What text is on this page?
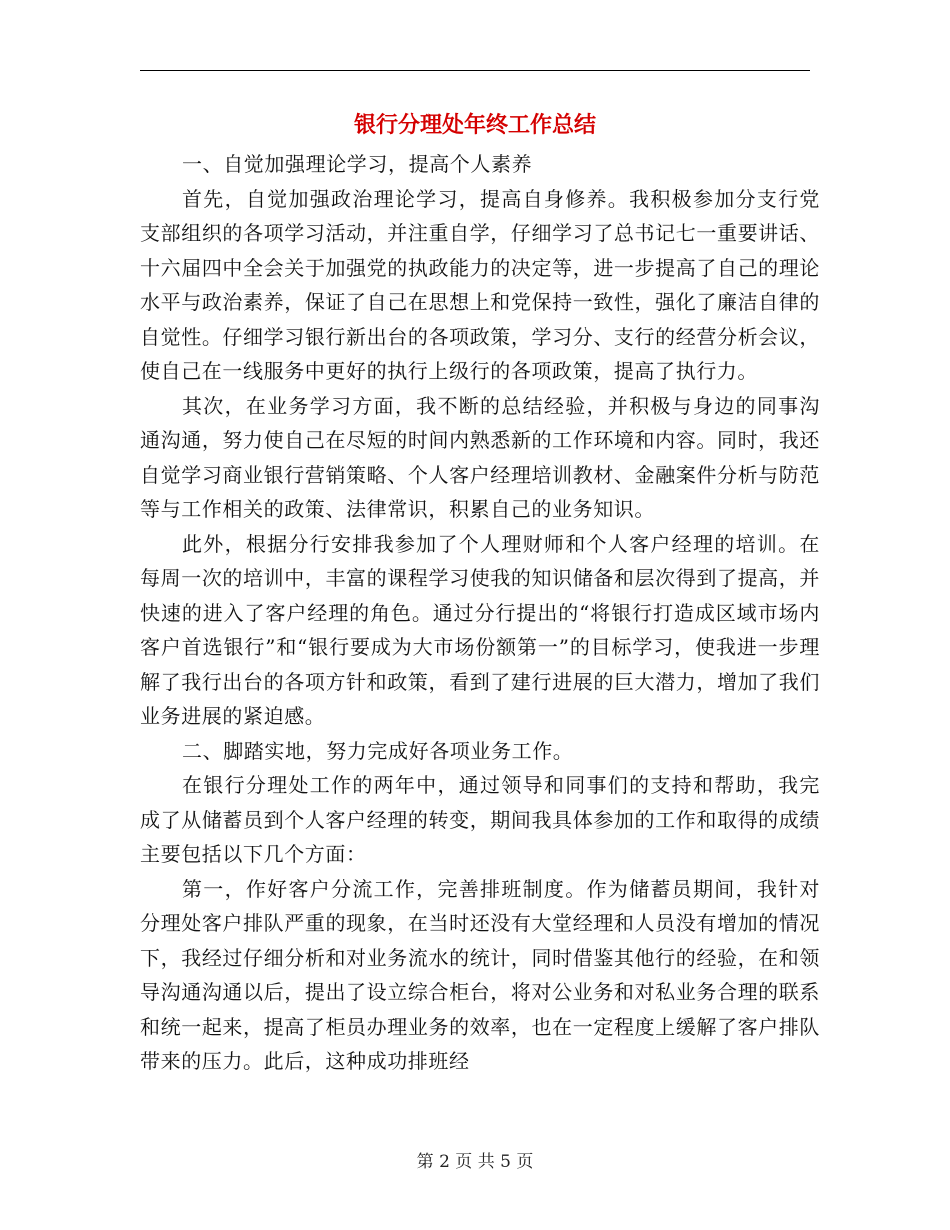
银行分理处年终工作总结

一、自觉加强理论学习，提高个人素养

首先，自觉加强政治理论学习，提高自身修养。我积极参加分支行党支部组织的各项学习活动，并注重自学，仔细学习了总书记七一重要讲话、十六届四中全会关于加强党的执政能力的决定等，进一步提高了自己的理论水平与政治素养，保证了自己在思想上和党保持一致性，强化了廉洁自律的自觉性。仔细学习银行新出台的各项政策，学习分、支行的经营分析会议，使自己在一线服务中更好的执行上级行的各项政策，提高了执行力。

其次，在业务学习方面，我不断的总结经验，并积极与身边的同事沟通沟通，努力使自己在尽短的时间内熟悉新的工作环境和内容。同时，我还自觉学习商业银行营销策略、个人客户经理培训教材、金融案件分析与防范等与工作相关的政策、法律常识，积累自己的业务知识。

此外，根据分行安排我参加了个人理财师和个人客户经理的培训。在每周一次的培训中，丰富的课程学习使我的知识储备和层次得到了提高，并快速的进入了客户经理的角色。通过分行提出的“将银行打造成区域市场内客户首选银行”和“银行要成为大市场份额第一”的目标学习，使我进一步理解了我行出台的各项方针和政策，看到了建行进展的巨大潜力，增加了我们业务进展的紧迫感。

二、脚踏实地，努力完成好各项业务工作。

在银行分理处工作的两年中，通过领导和同事们的支持和帮助，我完成了从储蓄员到个人客户经理的转变，期间我具体参加的工作和取得的成绩主要包括以下几个方面：

第一，作好客户分流工作，完善排班制度。作为储蓄员期间，我针对分理处客户排队严重的现象，在当时还没有大堂经理和人员没有增加的情况下，我经过仔细分析和对业务流水的统计，同时借鉴其他行的经验，在和领导沟通沟通以后，提出了设立综合柜台，将对公业务和对私业务合理的联系和统一起来，提高了柜员办理业务的效率，也在一定程度上缓解了客户排队带来的压力。此后，这种成功排班经

第 2 页 共 5 页
